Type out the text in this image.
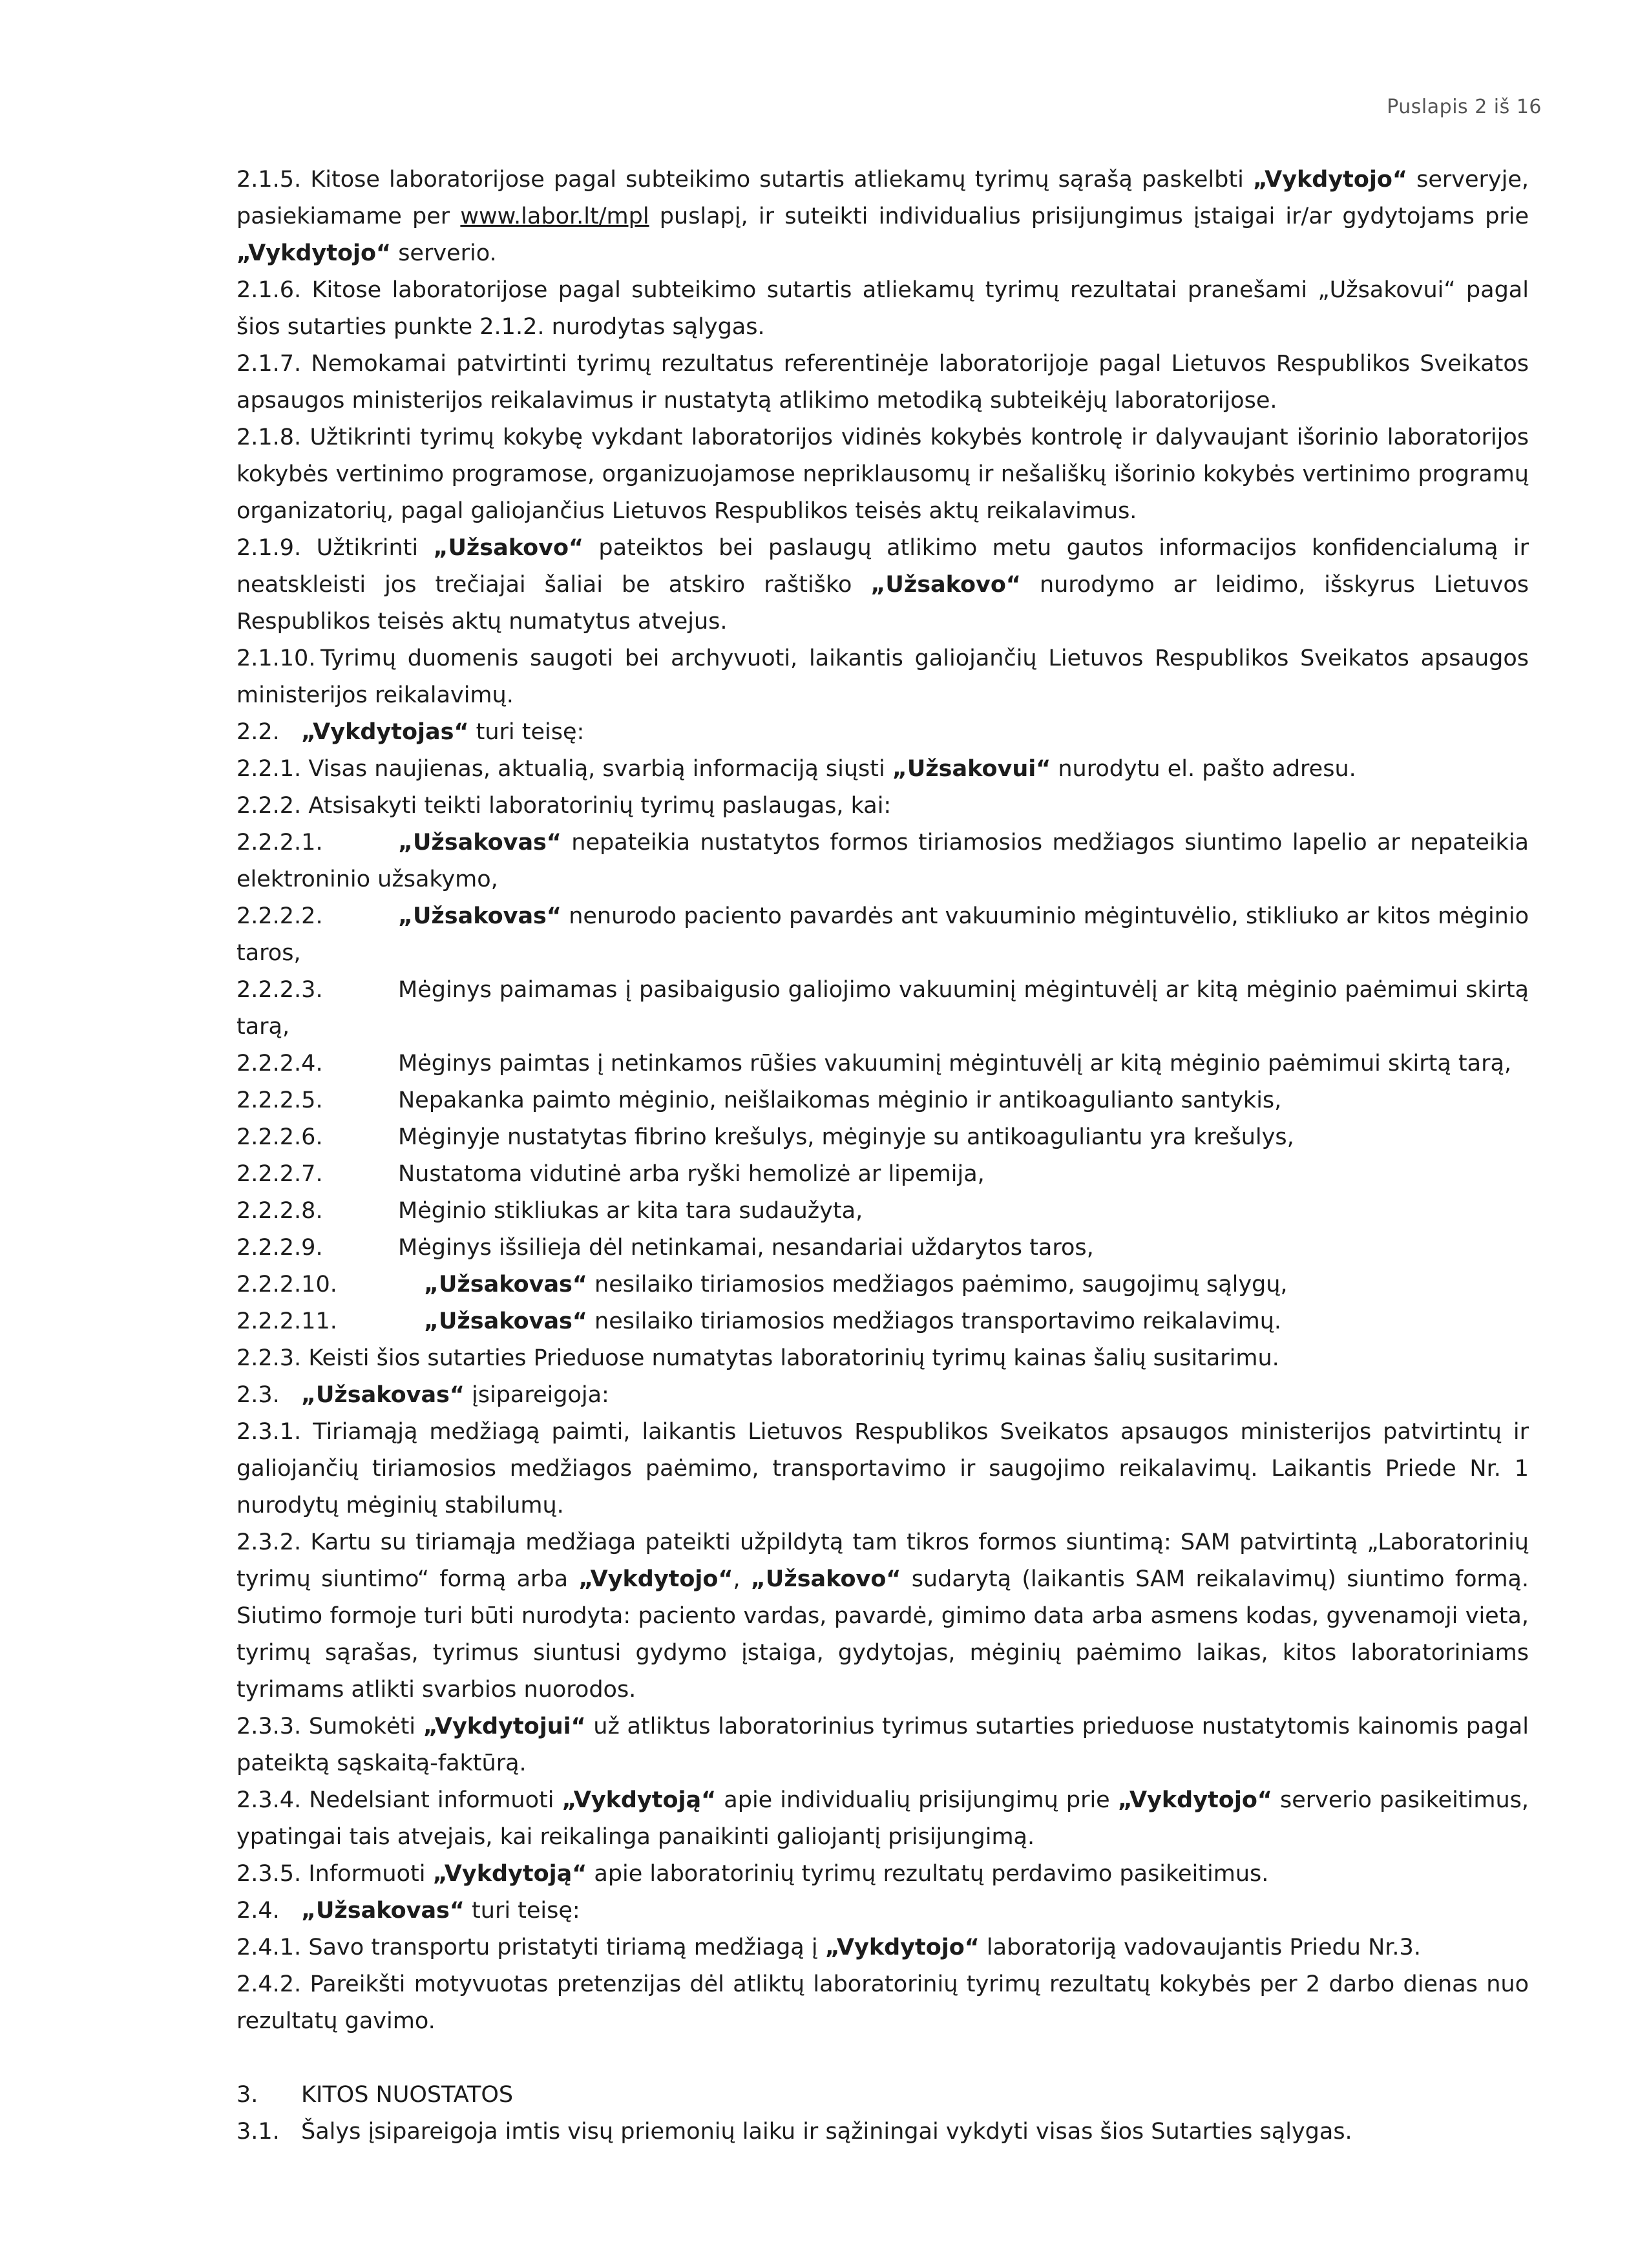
Puslapis 2 iš 16

2.1.5. Kitose laboratorijose pagal subteikimo sutartis atliekamų tyrimų sąrašą paskelbti „Vykdytojo“ serveryje, pasiekiamame per www.labor.lt/mpl puslapį, ir suteikti individualius prisijungimus įstaigai ir/ar gydytojams prie „Vykdytojo“ serverio.

2.1.6. Kitose laboratorijose pagal subteikimo sutartis atliekamų tyrimų rezultatai pranešami „Užsakovui“ pagal šios sutarties punkte 2.1.2. nurodytas sąlygas.

2.1.7. Nemokamai patvirtinti tyrimų rezultatus referentinėje laboratorijoje pagal Lietuvos Respublikos Sveikatos apsaugos ministerijos reikalavimus ir nustatytą atlikimo metodiką subteikėjų laboratorijose.

2.1.8. Užtikrinti tyrimų kokybę vykdant laboratorijos vidinės kokybės kontrolę ir dalyvaujant išorinio laboratorijos kokybės vertinimo programose, organizuojamose nepriklausomų ir nešališkų išorinio kokybės vertinimo programų organizatorių, pagal galiojančius Lietuvos Respublikos teisės aktų reikalavimus.

2.1.9. Užtikrinti „Užsakovo“ pateiktos bei paslaugų atlikimo metu gautos informacijos konfidencialumą ir neatskleisti jos trečiajai šaliai be atskiro raštiško „Užsakovo“ nurodymo ar leidimo, išskyrus Lietuvos Respublikos teisės aktų numatytus atvejus.

2.1.10. Tyrimų duomenis saugoti bei archyvuoti, laikantis galiojančių Lietuvos Respublikos Sveikatos apsaugos ministerijos reikalavimų.

2.2. „Vykdytojas“ turi teisę:

2.2.1. Visas naujienas, aktualią, svarbią informaciją siųsti „Užsakovui“ nurodytu el. pašto adresu.

2.2.2. Atsisakyti teikti laboratorinių tyrimų paslaugas, kai:

2.2.2.1.	„Užsakovas“ nepateikia nustatytos formos tiriamosios medžiagos siuntimo lapelio ar nepateikia elektroninio užsakymo,

2.2.2.2.	„Užsakovas“ nenurodo paciento pavardės ant vakuuminio mėgintuvėlio, stikliuko ar kitos mėginio taros,

2.2.2.3.	Mėginys paimamas į pasibaigusio galiojimo vakuuminį mėgintuvėlį ar kitą mėginio paėmimui skirtą tarą,

2.2.2.4.	Mėginys paimtas į netinkamos rūšies vakuuminį mėgintuvėlį ar kitą mėginio paėmimui skirtą tarą,

2.2.2.5.	Nepakanka paimto mėginio, neišlaikomas mėginio ir antikoagulianto santykis,

2.2.2.6.	Mėginyje nustatytas fibrino krešulys, mėginyje su antikoaguliantu yra krešulys,

2.2.2.7.	Nustatoma vidutinė arba ryški hemolizė ar lipemija,

2.2.2.8.	Mėginio stikliukas ar kita tara sudaužyta,

2.2.2.9.	Mėginys išsilieja dėl netinkamai, nesandariai uždarytos taros,

2.2.2.10.	„Užsakovas“ nesilaiko tiriamosios medžiagos paėmimo, saugojimų sąlygų,

2.2.2.11.	„Užsakovas“ nesilaiko tiriamosios medžiagos transportavimo reikalavimų.

2.2.3. Keisti šios sutarties Prieduose numatytas laboratorinių tyrimų kainas šalių susitarimu.

2.3. „Užsakovas“ įsipareigoja:

2.3.1. Tiriamąją medžiagą paimti, laikantis Lietuvos Respublikos Sveikatos apsaugos ministerijos patvirtintų ir galiojančių tiriamosios medžiagos paėmimo, transportavimo ir saugojimo reikalavimų. Laikantis Priede Nr. 1 nurodytų mėginių stabilumų.

2.3.2. Kartu su tiriamąja medžiaga pateikti užpildytą tam tikros formos siuntimą: SAM patvirtintą „Laboratorinių tyrimų siuntimo“ formą arba „Vykdytojo“, „Užsakovo“ sudarytą (laikantis SAM reikalavimų) siuntimo formą. Siutimo formoje turi būti nurodyta: paciento vardas, pavardė, gimimo data arba asmens kodas, gyvenamoji vieta, tyrimų sąrašas, tyrimus siuntusi gydymo įstaiga, gydytojas, mėginių paėmimo laikas, kitos laboratoriniams tyrimams atlikti svarbios nuorodos.

2.3.3. Sumokėti „Vykdytojui“ už atliktus laboratorinius tyrimus sutarties prieduose nustatytomis kainomis pagal pateiktą sąskaitą-faktūrą.

2.3.4. Nedelsiant informuoti „Vykdytoją“ apie individualių prisijungimų prie „Vykdytojo“ serverio pasikeitimus, ypatingai tais atvejais, kai reikalinga panaikinti galiojantį prisijungimą.

2.3.5. Informuoti „Vykdytoją“ apie laboratorinių tyrimų rezultatų perdavimo pasikeitimus.

2.4. „Užsakovas“ turi teisę:

2.4.1. Savo transportu pristatyti tiriamą medžiagą į „Vykdytojo“ laboratoriją vadovaujantis Priedu Nr.3.

2.4.2. Pareikšti motyvuotas pretenzijas dėl atliktų laboratorinių tyrimų rezultatų kokybės per 2 darbo dienas nuo rezultatų gavimo.

3. KITOS NUOSTATOS

3.1. Šalys įsipareigoja imtis visų priemonių laiku ir sąžiningai vykdyti visas šios Sutarties sąlygas.
